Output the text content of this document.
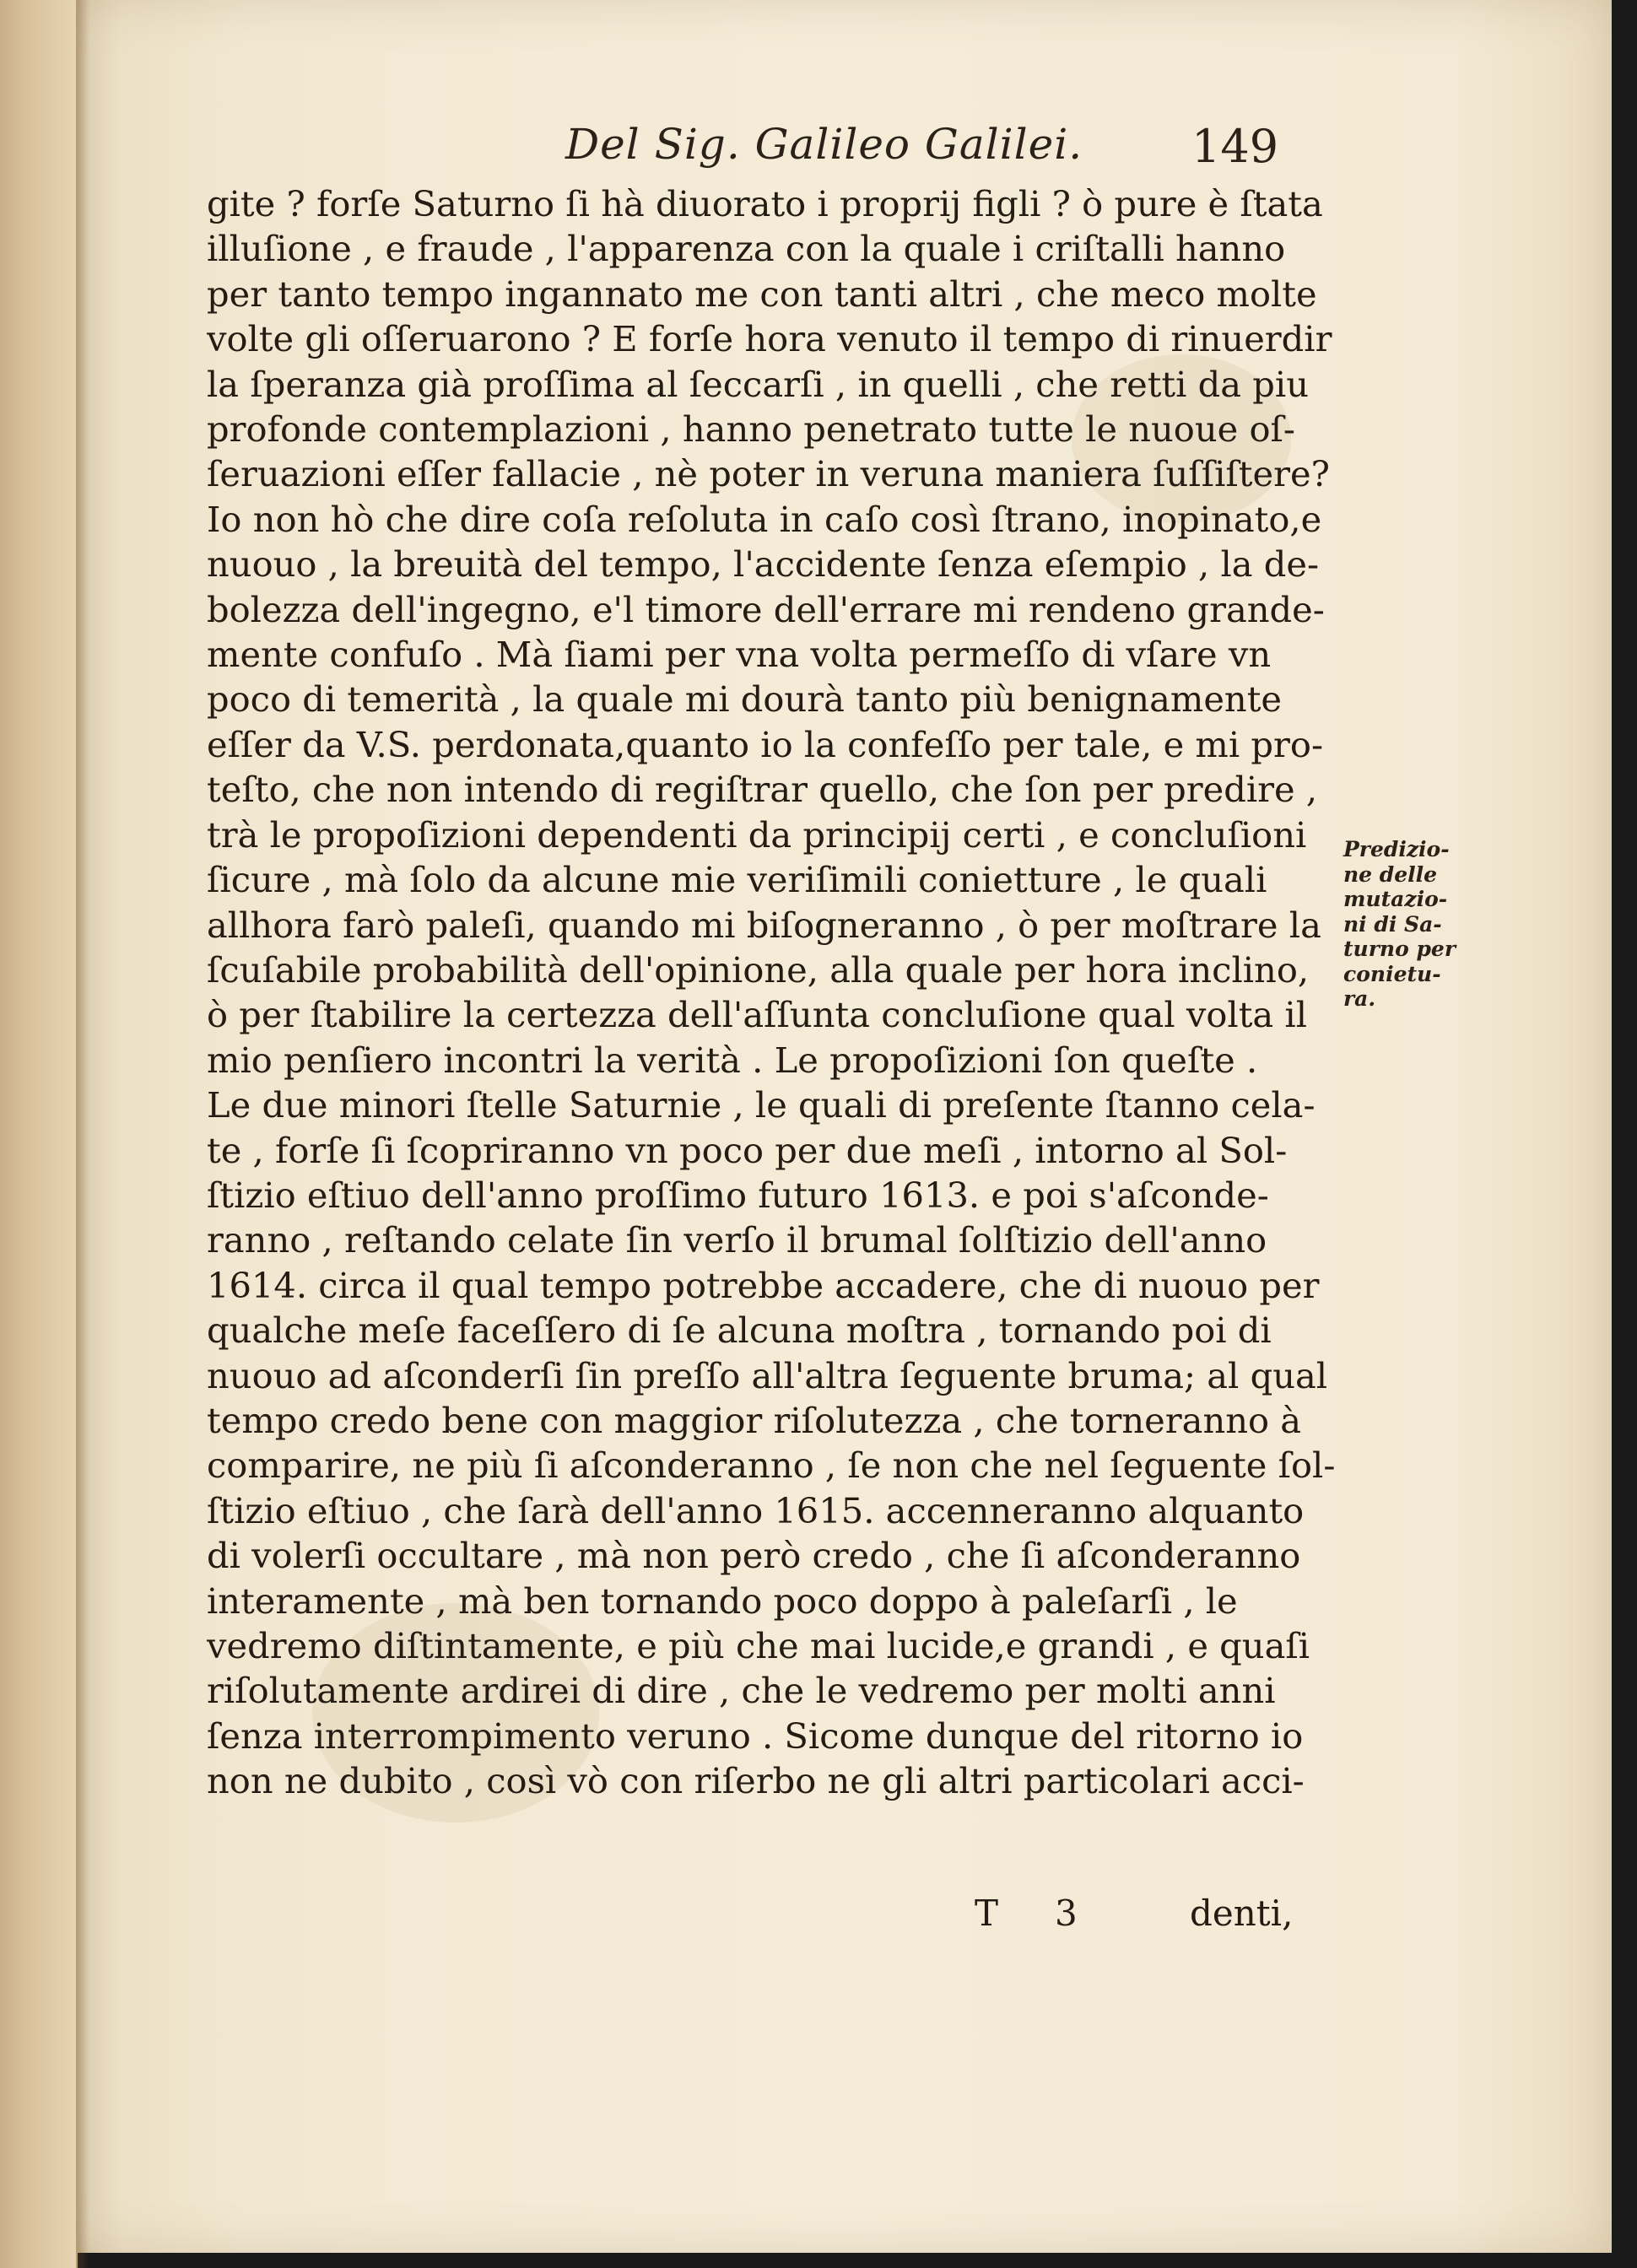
Del Sig. Galileo Galilei. 149
gite ? forſe Saturno ſi hà diuorato i proprij figli ? ò pure è ſtata
illuſione , e fraude , l'apparenza con la quale i criſtalli hanno
per tanto tempo ingannato me con tanti altri , che meco molte
volte gli oſſeruarono ? E forſe hora venuto il tempo di rinuerdir
la ſperanza già proſſima al ſeccarſi , in quelli , che retti da piu
profonde contemplazioni , hanno penetrato tutte le nuoue oſ-
ſeruazioni eſſer fallacie , nè poter in veruna maniera ſuſſiſtere?
Io non hò che dire coſa reſoluta in caſo così ſtrano, inopinato,e
nuouo , la breuità del tempo, l'accidente ſenza eſempio , la de-
bolezza dell'ingegno, e'l timore dell'errare mi rendeno grande-
mente confuſo . Mà ſiami per vna volta permeſſo di vſare vn
poco di temerità , la quale mi dourà tanto più benignamente
eſſer da V.S. perdonata,quanto io la confeſſo per tale, e mi pro-
teſto, che non intendo di regiſtrar quello, che ſon per predire ,
trà le propoſizioni dependenti da principij certi , e concluſioni
ſicure , mà ſolo da alcune mie veriſimili conietture , le quali
allhora farò paleſi, quando mi biſogneranno , ò per moſtrare la
ſcuſabile probabilità dell'opinione, alla quale per hora inclino,
ò per ſtabilire la certezza dell'aſſunta concluſione qual volta il
mio penſiero incontri la verità . Le propoſizioni ſon queſte .
Le due minori ſtelle Saturnie , le quali di preſente ſtanno cela-
te , forſe ſi ſcopriranno vn poco per due meſi , intorno al Sol-
ſtizio eſtiuo dell'anno proſſimo futuro 1613. e poi s'aſconde-
ranno , reſtando celate ſin verſo il brumal ſolſtizio dell'anno
1614. circa il qual tempo potrebbe accadere, che di nuouo per
qualche meſe faceſſero di ſe alcuna moſtra , tornando poi di
nuouo ad aſconderſi ſin preſſo all'altra ſeguente bruma; al qual
tempo credo bene con maggior riſolutezza , che torneranno à
comparire, ne più ſi aſconderanno , ſe non che nel ſeguente ſol-
ſtizio eſtiuo , che ſarà dell'anno 1615. accenneranno alquanto
di volerſi occultare , mà non però credo , che ſi aſconderanno
interamente , mà ben tornando poco doppo à paleſarſi , le
vedremo diſtintamente, e più che mai lucide,e grandi , e quaſi
riſolutamente ardirei di dire , che le vedremo per molti anni
ſenza interrompimento veruno . Sicome dunque del ritorno io
non ne dubito , così vò con riſerbo ne gli altri particolari acci-
Predizio-
ne delle
mutazio-
ni di Sa-
turno per
conietu-
ra.
T 3	denti,
